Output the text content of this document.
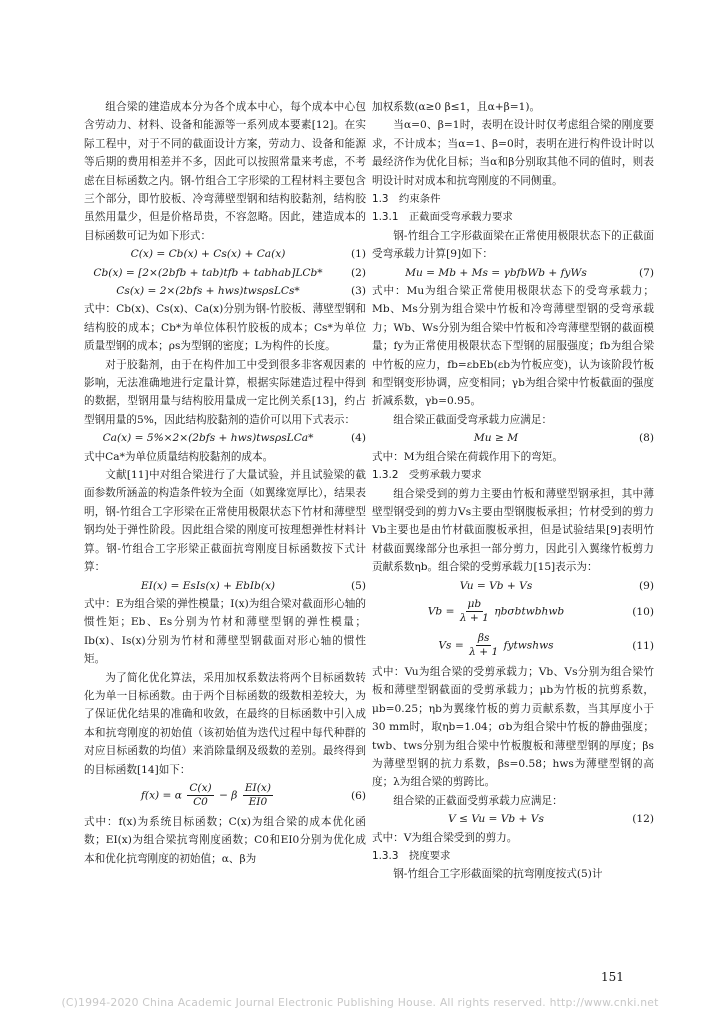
组合梁的建造成本分为各个成本中心，每个成本中心包含劳动力、材料、设备和能源等一系列成本要素[12]。在实际工程中，对于不同的截面设计方案，劳动力、设备和能源等后期的费用相差并不多，因此可以按照常量来考虑，不考虑在目标函数之内。钢-竹组合工字形梁的工程材料主要包含三个部分，即竹胶板、冷弯薄壁型钢和结构胶黏剂，结构胶虽然用量少，但是价格昂贵，不容忽略。因此，建造成本的目标函数可记为如下形式：

C(x) = Cb(x) + Cs(x) + Ca(x)	(1)
Cb(x) = [2×(2bfb + tab)tfb + tabhab]LCb*	(2)
Cs(x) = 2×(2bfs + hws)twsρsLCs*	(3)

式中：Cb(x)、Cs(x)、Ca(x)分别为钢-竹胶板、薄壁型钢和结构胶的成本；Cb*为单位体积竹胶板的成本；Cs*为单位质量型钢的成本；ρs为型钢的密度；L为构件的长度。

对于胶黏剂，由于在构件加工中受到很多非客观因素的影响，无法准确地进行定量计算，根据实际建造过程中得到的数据，型钢用量与结构胶用量成一定比例关系[13]，约占型钢用量的5%，因此结构胶黏剂的造价可以用下式表示：

Ca(x) = 5%×2×(2bfs + hws)twsρsLCa*	(4)

式中Ca*为单位质量结构胶黏剂的成本。

文献[11]中对组合梁进行了大量试验，并且试验梁的截面参数所涵盖的构造条件较为全面（如翼缘宽厚比），结果表明，钢-竹组合工字形梁在正常使用极限状态下竹材和薄壁型钢均处于弹性阶段。因此组合梁的刚度可按理想弹性材料计算。钢-竹组合工字形梁正截面抗弯刚度目标函数按下式计算：

EI(x) = EsIs(x) + EbIb(x)	(5)

式中：E为组合梁的弹性模量；I(x)为组合梁对截面形心轴的惯性矩；Eb、Es分别为竹材和薄壁型钢的弹性模量；Ib(x)、Is(x)分别为竹材和薄壁型钢截面对形心轴的惯性矩。

为了简化优化算法，采用加权系数法将两个目标函数转化为单一目标函数。由于两个目标函数的级数相差较大，为了保证优化结果的准确和收敛，在最终的目标函数中引入成本和抗弯刚度的初始值（该初始值为迭代过程中每代种群的对应目标函数的均值）来消除量纲及级数的差别。最终得到的目标函数[14]如下：

f(x) = α $\frac{C(x)}{C0} - \beta \frac{EI(x)}{EI0}$	(6)

式中：f(x)为系统目标函数；C(x)为组合梁的成本优化函数；EI(x)为组合梁抗弯刚度函数；C0和EI0分别为优化成本和优化抗弯刚度的初始值；α、β为

加权系数(α≥0 β≤1，且α+β=1)。

当α=0、β=1时，表明在设计时仅考虑组合梁的刚度要求，不计成本；当α=1、β=0时，表明在进行构件设计时以最经济作为优化目标；当α和β分别取其他不同的值时，则表明设计时对成本和抗弯刚度的不同侧重。

1.3　约束条件

1.3.1　正截面受弯承载力要求

钢-竹组合工字形截面梁在正常使用极限状态下的正截面受弯承载力计算[9]如下：

Mu = Mb + Ms = γbfbWb + fyWs	(7)

式中：Mu为组合梁正常使用极限状态下的受弯承载力；Mb、Ms分别为组合梁中竹板和冷弯薄壁型钢的受弯承载力；Wb、Ws分别为组合梁中竹板和冷弯薄壁型钢的截面模量；fy为正常使用极限状态下型钢的屈服强度；fb为组合梁中竹板的应力，fb=εbEb(εb为竹板应变)，认为该阶段竹板和型钢变形协调，应变相同；γb为组合梁中竹板截面的强度折减系数，γb=0.95。

组合梁正截面受弯承载力应满足：

Mu ≥ M	(8)

式中：M为组合梁在荷载作用下的弯矩。

1.3.2　受剪承载力要求

组合梁受到的剪力主要由竹板和薄壁型钢承担，其中薄壁型钢受到的剪力Vs主要由型钢腹板承担；竹材受到的剪力Vb主要也是由竹材截面腹板承担，但是试验结果[9]表明竹材截面翼缘部分也承担一部分剪力，因此引入翼缘竹板剪力贡献系数ηb。组合梁的受剪承载力[15]表示为：

Vu = Vb + Vs	(9)
$Vb = \frac{\mu b}{\lambda + 1}$ ηbσbtwbhwb	(10)
$Vs = \frac{\beta s}{\lambda + 1}$ fytwshws	(11)

式中：Vu为组合梁的受剪承载力；Vb、Vs分别为组合梁竹板和薄壁型钢截面的受剪承载力；μb为竹板的抗剪系数，μb=0.25；ηb为翼缘竹板的剪力贡献系数，当其厚度小于30 mm时，取ηb=1.04；σb为组合梁中竹板的静曲强度；twb、tws分别为组合梁中竹板腹板和薄壁型钢的厚度；βs为薄壁型钢的抗力系数，βs=0.58；hws为薄壁型钢的高度；λ为组合梁的剪跨比。

组合梁的正截面受剪承载力应满足：

V ≤ Vu = Vb + Vs	(12)

式中：V为组合梁受到的剪力。

1.3.3　挠度要求

钢-竹组合工字形截面梁的抗弯刚度按式(5)计

151
(C)1994-2020 China Academic Journal Electronic Publishing House. All rights reserved. http://www.cnki.net
